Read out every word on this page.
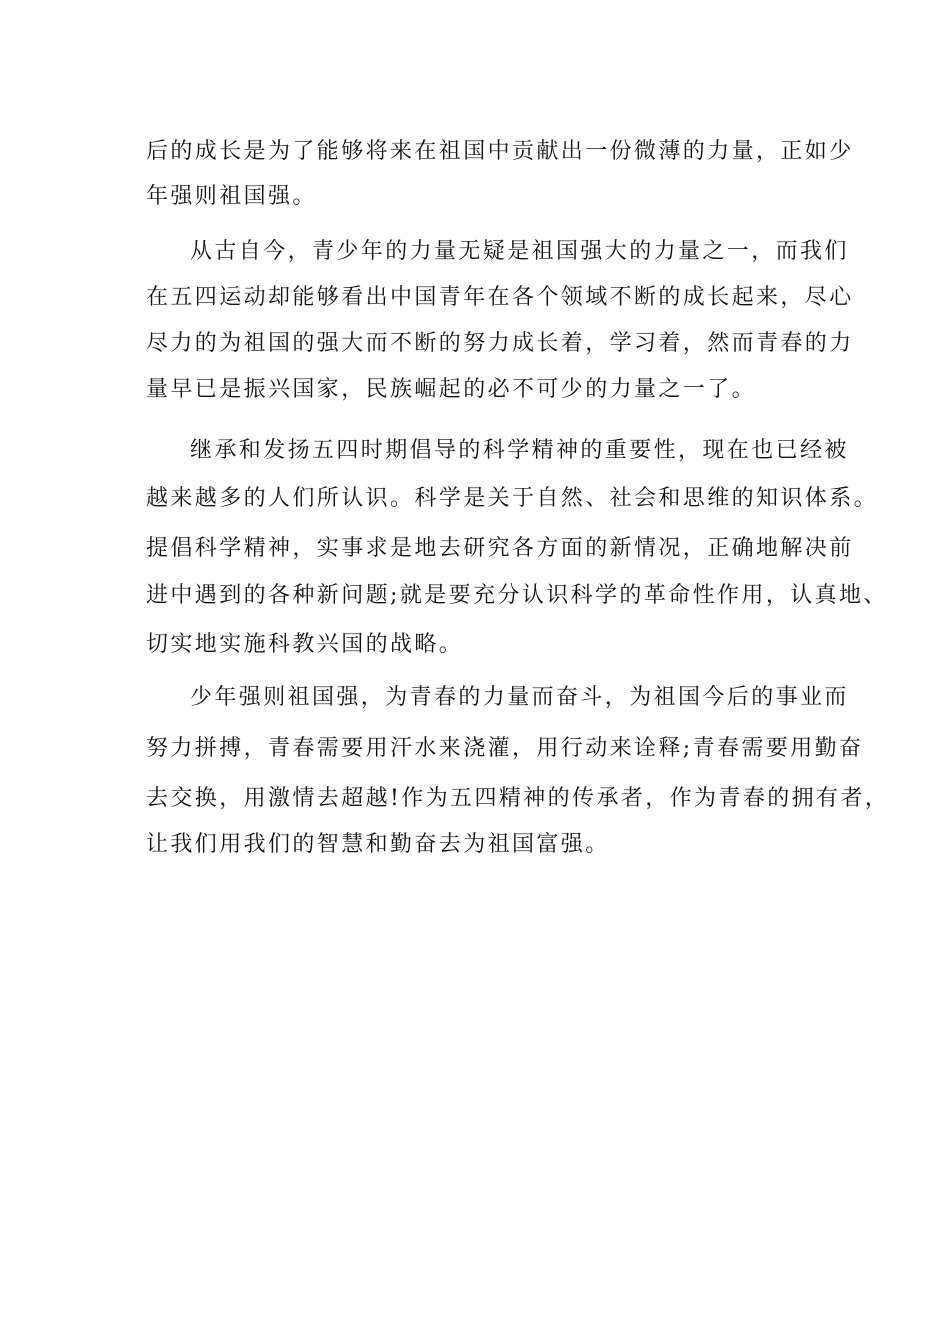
后的成长是为了能够将来在祖国中贡献出一份微薄的力量，正如少
年强则祖国强。
从古自今，青少年的力量无疑是祖国强大的力量之一，而我们
在五四运动却能够看出中国青年在各个领域不断的成长起来，尽心
尽力的为祖国的强大而不断的努力成长着，学习着，然而青春的力
量早已是振兴国家，民族崛起的必不可少的力量之一了。
继承和发扬五四时期倡导的科学精神的重要性，现在也已经被
越来越多的人们所认识。科学是关于自然、社会和思维的知识体系。
提倡科学精神，实事求是地去研究各方面的新情况，正确地解决前
进中遇到的各种新问题;就是要充分认识科学的革命性作用，认真地、
切实地实施科教兴国的战略。
少年强则祖国强，为青春的力量而奋斗，为祖国今后的事业而
努力拼搏，青春需要用汗水来浇灌，用行动来诠释;青春需要用勤奋
去交换，用激情去超越!作为五四精神的传承者，作为青春的拥有者，
让我们用我们的智慧和勤奋去为祖国富强。
